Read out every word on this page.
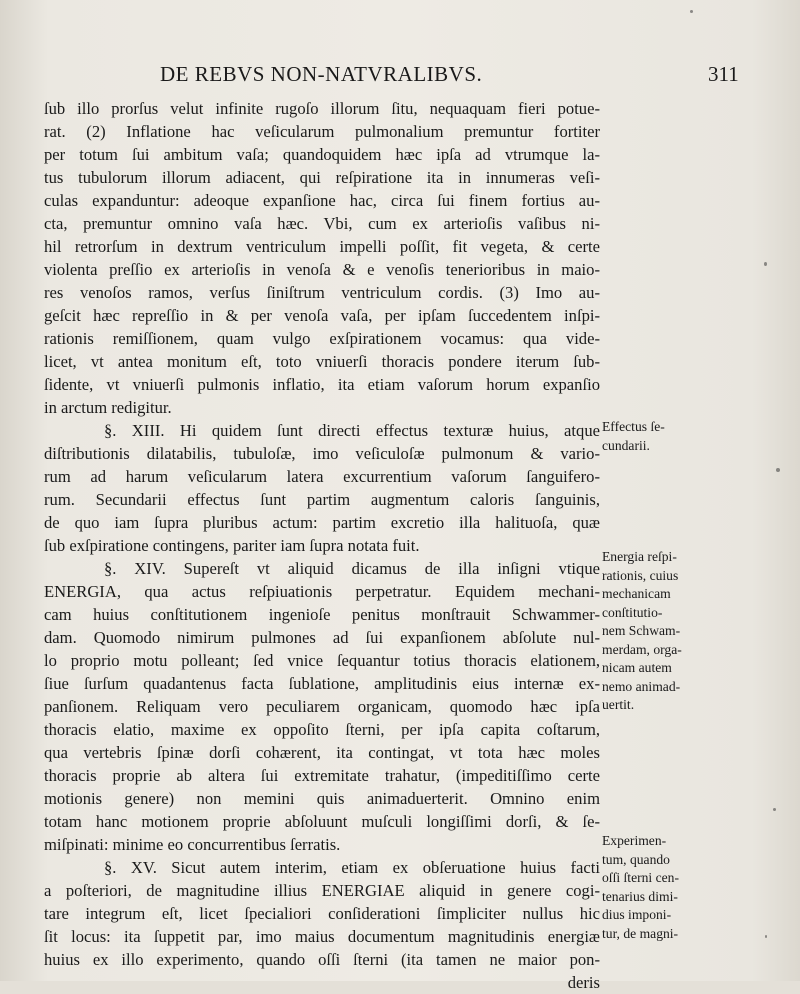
DE REBVS NON-NATVRALIBVS.	311
ſub illo prorſus velut infinite rugoſo illorum ſitu, nequaquam fieri potue-
rat. (2) Inflatione hac veſicularum pulmonalium premuntur fortiter
per totum ſui ambitum vaſa; quandoquidem hæc ipſa ad vtrumque la-
tus tubulorum illorum adiacent, qui reſpiratione ita in innumeras veſi-
culas expanduntur: adeoque expanſione hac, circa ſui finem fortius au-
cta, premuntur omnino vaſa hæc. Vbi, cum ex arterioſis vaſibus ni-
hil retrorſum in dextrum ventriculum impelli poſſit, fit vegeta, & certe
violenta preſſio ex arterioſis in venoſa & e venoſis tenerioribus in maio-
res venoſos ramos, verſus ſiniſtrum ventriculum cordis. (3) Imo au-
geſcit hæc repreſſio in & per venoſa vaſa, per ipſam ſuccedentem inſpi-
rationis remiſſionem, quam vulgo exſpirationem vocamus: qua vide-
licet, vt antea monitum eſt, toto vniuerſi thoracis pondere iterum ſub-
ſidente, vt vniuerſi pulmonis inflatio, ita etiam vaſorum horum expanſio
in arctum redigitur.
§. XIII. Hi quidem ſunt directi effectus texturæ huius, atque
diſtributionis dilatabilis, tubuloſæ, imo veſiculoſæ pulmonum & vario-
rum ad harum veſicularum latera excurrentium vaſorum ſanguifero-
rum. Secundarii effectus ſunt partim augmentum caloris ſanguinis,
de quo iam ſupra pluribus actum: partim excretio illa halituoſa, quæ
ſub exſpiratione contingens, pariter iam ſupra notata fuit.
§. XIV. Supereſt vt aliquid dicamus de illa inſigni vtique
ENERGIA, qua actus reſpiuationis perpetratur. Equidem mechani-
cam huius conſtitutionem ingenioſe penitus monſtrauit Schwammer-
dam. Quomodo nimirum pulmones ad ſui expanſionem abſolute nul-
lo proprio motu polleant; ſed vnice ſequantur totius thoracis elationem,
ſiue ſurſum quadantenus facta ſublatione, amplitudinis eius internæ ex-
panſionem. Reliquam vero peculiarem organicam, quomodo hæc ipſa
thoracis elatio, maxime ex oppoſito ſterni, per ipſa capita coſtarum,
qua vertebris ſpinæ dorſi cohærent, ita contingat, vt tota hæc moles
thoracis proprie ab altera ſui extremitate trahatur, (impeditiſſimo certe
motionis genere) non memini quis animaduerterit. Omnino enim
totam hanc motionem proprie abſoluunt muſculi longiſſimi dorſi, & ſe-
miſpinati: minime eo concurrentibus ſerratis.
§. XV. Sicut autem interim, etiam ex obſeruatione huius facti
a poſteriori, de magnitudine illius ENERGIAE aliquid in genere cogi-
tare integrum eſt, licet ſpecialiori conſiderationi ſimpliciter nullus hic
ſit locus: ita ſuppetit par, imo maius documentum magnitudinis energiæ
huius ex illo experimento, quando oſſi ſterni (ita tamen ne maior pon-
deris
Effectus ſe-
cundarii.
Energia reſpi-
rationis, cuius
mechanicam
conſtitutio-
nem Schwam-
merdam, orga-
nicam autem
nemo animad-
uertit.
Experimen-
tum, quando
oſſi ſterni cen-
tenarius dimi-
dius imponi-
tur, de magni-
